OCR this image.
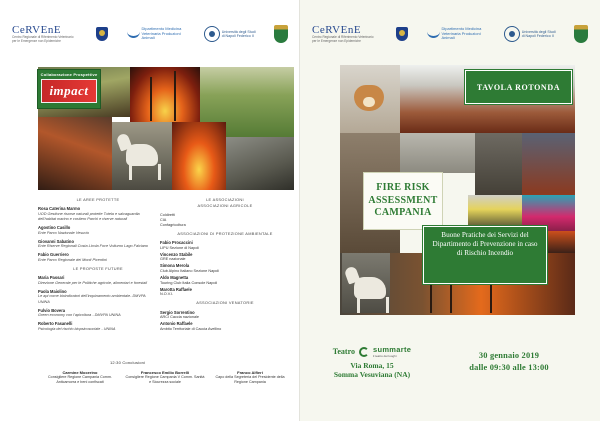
CeRVEnE
Centro Regionale di Riferimento Veterinario per le Emergenze non Epidemiche
Dipartimento Medicina Veterinaria Produzioni Animali
Università degli Studi di Napoli Federico II
Collaborazione Prospettive
impact
LE AREE PROTETTE
Rosa Caterina Marmo
UOD Gestione risorse naturali protette Tutela e salvaguardia dell'habitat marino e costiero Parchi e riserve naturali
Agostino Casillo
Ente Parco Nazionale Vesuvio
Giovanni Sabatino
Ente Riserve Regionali Costa Licola Foce Volturno Lago Falciano
Fabio Guerriero
Ente Parco Regionale dei Monti Picentini
LE PROPOSTE FUTURE
Maria Passari
Direzione Generale per le Politiche agricole, alimentari e forestali
Paola Maiolino
Le api come bioindicatori dell'inquinamento ambientale- DMVPA UNINA
Fulvio Bovera
Green economy con l'apicoltura - DMVPA UNINA
Roberto Fasanelli
Psicologia del rischio biopsicosociale - UNINA
LE ASSOCIAZIONI
ASSOCIAZIONI AGRICOLE
Coldiretti
CIA
Confagricoltura
ASSOCIAZIONI DI PROTEZIONE AMBIENTALE
Fabio Procaccini
LIPU Sezione di Napoli
Vincenzo Stabile
GRE nazionale
Simona Merola
Club Alpino Italiano Sezione Napoli
Aldo Magnetta
Touring Club Italia Console Napoli
Marotta Raffaele
N.O.V.I.
ASSOCIAZIONI VENATORIE
Sergio Sorrentino
ARCI Caccia nazionale
Antonio Raffaele
Ambito Territoriale di Caccia Avellino
12:30 Conclusioni
Carmine Mocerino
Consigliere Regione Campania Comm. Anticamorra e beni confiscati
Francesco Emilio Borrelli
Consigliere Regione Campania V Comm. Sanità e Sicurezza sociale
Franco Alfieri
Capo della Segreteria del Presidente della Regione Campania
CeRVEnE
Centro Regionale di Riferimento Veterinario per le Emergenze non Epidemiche
Dipartimento Medicina Veterinaria Produzioni Animali
Università degli Studi di Napoli Federico II
TAVOLA ROTONDA
FIRE RISK
ASSESSMENT
CAMPANIA

Buone Pratiche dei Servizi del Dipartimento di Prevenzione in caso di Rischio Incendio

Teatro summarte
il teatro dei luoghi
Via Roma, 15
Somma Vesuviana (NA)
30 gennaio 2019
dalle 09:30 alle 13:00
